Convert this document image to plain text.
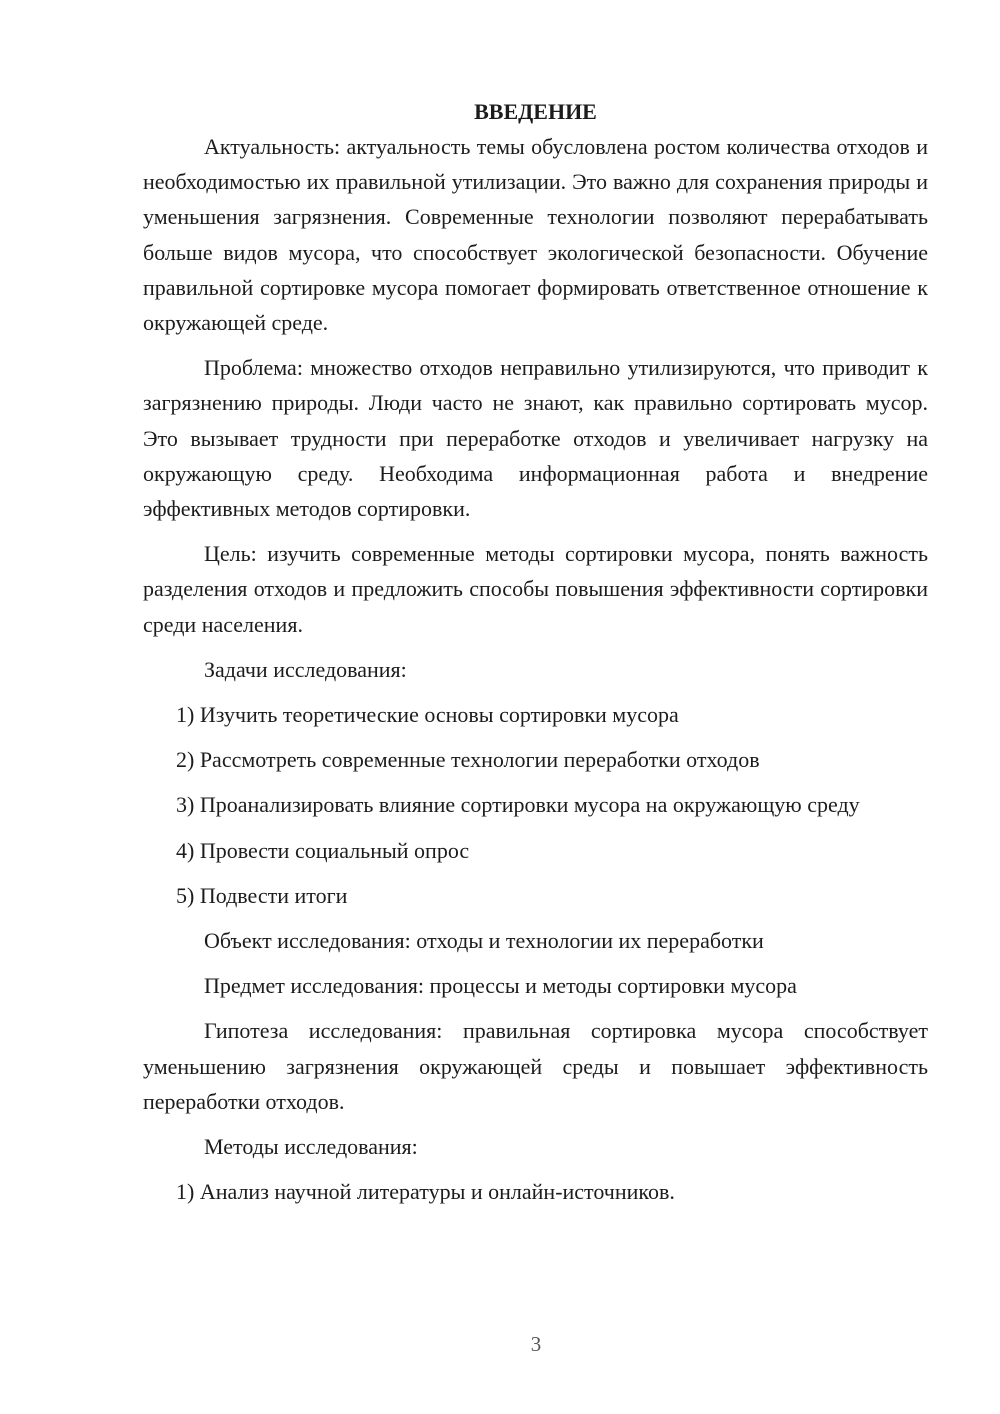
ВВЕДЕНИЕ

Актуальность: актуальность темы обусловлена ростом количества отходов и необходимостью их правильной утилизации. Это важно для сохранения природы и уменьшения загрязнения. Современные технологии позволяют перерабатывать больше видов мусора, что способствует экологической безопасности. Обучение правильной сортировке мусора помогает формировать ответственное отношение к окружающей среде.

Проблема: множество отходов неправильно утилизируются, что приводит к загрязнению природы. Люди часто не знают, как правильно сортировать мусор. Это вызывает трудности при переработке отходов и увеличивает нагрузку на окружающую среду. Необходима информационная работа и внедрение эффективных методов сортировки.

Цель: изучить современные методы сортировки мусора, понять важность разделения отходов и предложить способы повышения эффективности сортировки среди населения.

Задачи исследования:

1) Изучить теоретические основы сортировки мусора

2) Рассмотреть современные технологии переработки отходов

3) Проанализировать влияние сортировки мусора на окружающую среду

4) Провести социальный опрос

5) Подвести итоги

Объект исследования: отходы и технологии их переработки

Предмет исследования: процессы и методы сортировки мусора

Гипотеза исследования: правильная сортировка мусора способствует уменьшению загрязнения окружающей среды и повышает эффективность переработки отходов.

Методы исследования:

1) Анализ научной литературы и онлайн-источников.

3
